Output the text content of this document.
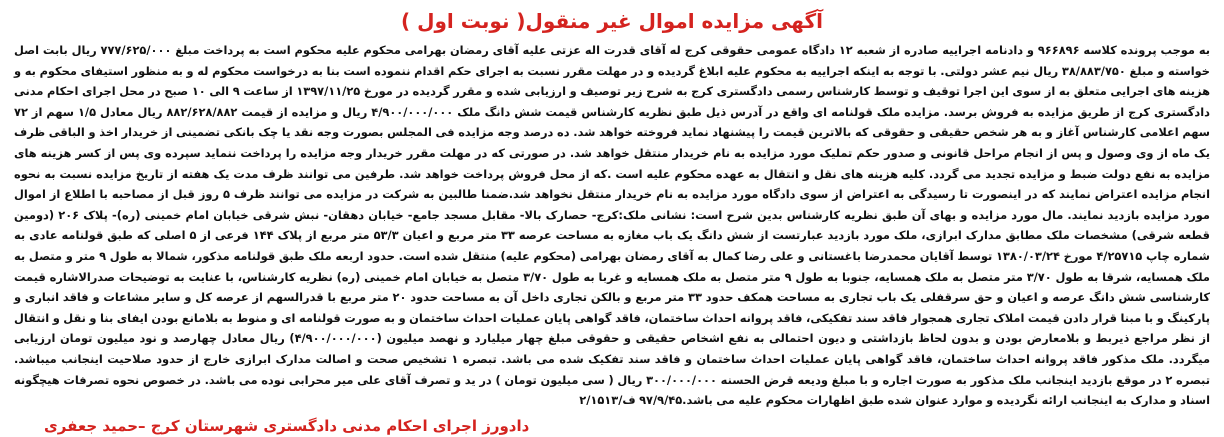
آگهی مزایده اموال غیر منقول( نوبت اول )

به موجب پرونده کلاسه ۹۶۶۸۹۶ و دادنامه اجراییه صادره از شعبه ۱۲ دادگاه عمومی حقوقی کرج له آقای قدرت اله عزتی علیه آقای رمضان بهرامی محکوم علیه محکوم است به پرداخت مبلغ ۷۷۷/۶۲۵/۰۰۰ ریال بابت اصل خواسته و مبلغ ۳۸/۸۸۳/۷۵۰ ریال نیم عشر دولتی. با توجه به اینکه اجراییه به محکوم علیه ابلاغ گردیده و در مهلت مقرر نسبت به اجرای حکم اقدام ننموده است بنا به درخواست محکوم له و به منظور استیفای محکوم به و هزینه های اجرایی متعلق به از سوی این اجرا توقیف و توسط کارشناس رسمی دادگستری کرج به شرح زیر توصیف و ارزیابی شده و مقرر گردیده در مورخ ۱۳۹۷/۱۱/۲۵ از ساعت ۹ الی ۱۰ صبح در محل اجرای احکام مدنی دادگستری کرج از طریق مزایده به فروش برسد. مزایده ملک قولنامه ای واقع در آدرس ذیل طبق نظریه کارشناس قیمت شش دانگ ملک ۴/۹۰۰/۰۰۰/۰۰۰ ریال و مزایده از قیمت ۸۸۲/۶۲۸/۸۸۲ ریال معادل ۱/۵ سهم از ۷۲ سهم اعلامی کارشناس آغاز و به هر شخص حقیقی و حقوقی که بالاترین قیمت را پیشنهاد نماید فروخته خواهد شد. ده درصد وجه مزایده فی المجلس بصورت وجه نقد یا چک بانکی تضمینی از خریدار اخذ و الباقی ظرف یک ماه از وی وصول و پس از انجام مراحل قانونی و صدور حکم تملیک مورد مزایده به نام خریدار منتقل خواهد شد. در صورتی که در مهلت مقرر خریدار وجه مزایده را پرداخت ننماید سپرده وی پس از کسر هزینه های مزایده به نفع دولت ضبط و مزایده تجدید می گردد. کلیه هزینه های نقل و انتقال به عهده محکوم علیه است .که از محل فروش پرداخت خواهد شد. طرفین می توانند ظرف مدت یک هفته از تاریخ مزایده نسبت به نحوه انجام مزایده اعتراض نمایند که در اینصورت تا رسیدگی به اعتراض از سوی دادگاه مورد مزایده به نام خریدار منتقل نخواهد شد.ضمنا طالبین به شرکت در مزایده می توانند ظرف ۵ روز قبل از مصاحبه با اطلاع از اموال مورد مزایده بازدید نمایند. مال مورد مزایده و بهای آن طبق نظریه کارشناس بدین شرح است: نشانی ملک:کرج- حصارک بالا- مقابل مسجد جامع- خیابان دهقان- نبش شرقی خیابان امام خمینی (ره)- پلاک ۲۰۶ (دومین قطعه شرقی) مشخصات ملک مطابق مدارک ابرازی، ملک مورد بازدید عبارتست از شش دانگ یک باب مغازه به مساحت عرصه ۳۳ متر مربع و اعیان ۵۳/۳ متر مربع از پلاک ۱۴۴ فرعی از ۵ اصلی که طبق قولنامه عادی به شماره چاپ ۴/۲۵۷۱۵ مورخ ۱۳۸۰/۰۳/۲۴ توسط آقایان محمدرضا باغستانی و علی رضا کمال به آقای رمضان بهرامی (محکوم علیه) منتقل شده است. حدود اربعه ملک طبق قولنامه مذکور، شمالا به طول ۹ متر و متصل به ملک همسایه، شرقا به طول ۳/۷۰ متر متصل به ملک همسایه، جنوبا به طول ۹ متر متصل به ملک همسایه و غربا به طول ۳/۷۰ متصل به خیابان امام خمینی (ره) نظریه کارشناس، با عنایت به توضیحات صدرالاشاره قیمت کارشناسی شش دانگ عرصه و اعیان و حق سرقفلی یک باب تجاری به مساحت همکف حدود ۳۳ متر مربع و بالکن تجاری داخل آن به مساحت حدود ۲۰ متر مربع با قدرالسهم از عرصه کل و سایر مشاعات و فاقد انباری و پارکینگ و با مبنا قرار دادن قیمت املاک تجاری همجوار فاقد سند تفکیکی، فاقد پروانه احداث ساختمان، فاقد گواهی پایان عملیات احداث ساختمان و به صورت قولنامه ای و منوط به بلامانع بودن ایفای بنا و نقل و انتقال از نظر مراجع ذیربط و بلامعارض بودن و بدون لحاظ بازداشتی و دیون احتمالی به نفع اشخاص حقیقی و حقوقی مبلغ چهار میلیارد و نهصد میلیون (۴/۹۰۰/۰۰۰/۰۰۰) ریال معادل چهارصد و نود میلیون تومان ارزیابی میگردد. ملک مذکور فاقد پروانه احداث ساختمان، فاقد گواهی پایان عملیات احداث ساختمان و فاقد سند تفکیک شده می باشد. تبصره ۱ تشخیص صحت و اصالت مدارک ابرازی خارج از حدود صلاحیت اینجانب میباشد. تبصره ۲ در موقع بازدید اینجانب ملک مذکور به صورت اجاره و با مبلغ ودیعه قرض الحسنه ۳۰۰/۰۰۰/۰۰۰ ریال ( سی میلیون تومان ) در ید و تصرف آقای علی میر محرابی نوده می باشد. در خصوص نحوه تصرفات هیچگونه اسناد و مدارک به اینجانب ارائه نگردیده و موارد عنوان شده طبق اظهارات محکوم علیه می باشد.۹۷/۹/۴۵ ف/۲/۱۵۱۳

دادورز اجرای احکام مدنی دادگستری شهرستان کرج –حمید جعفری
